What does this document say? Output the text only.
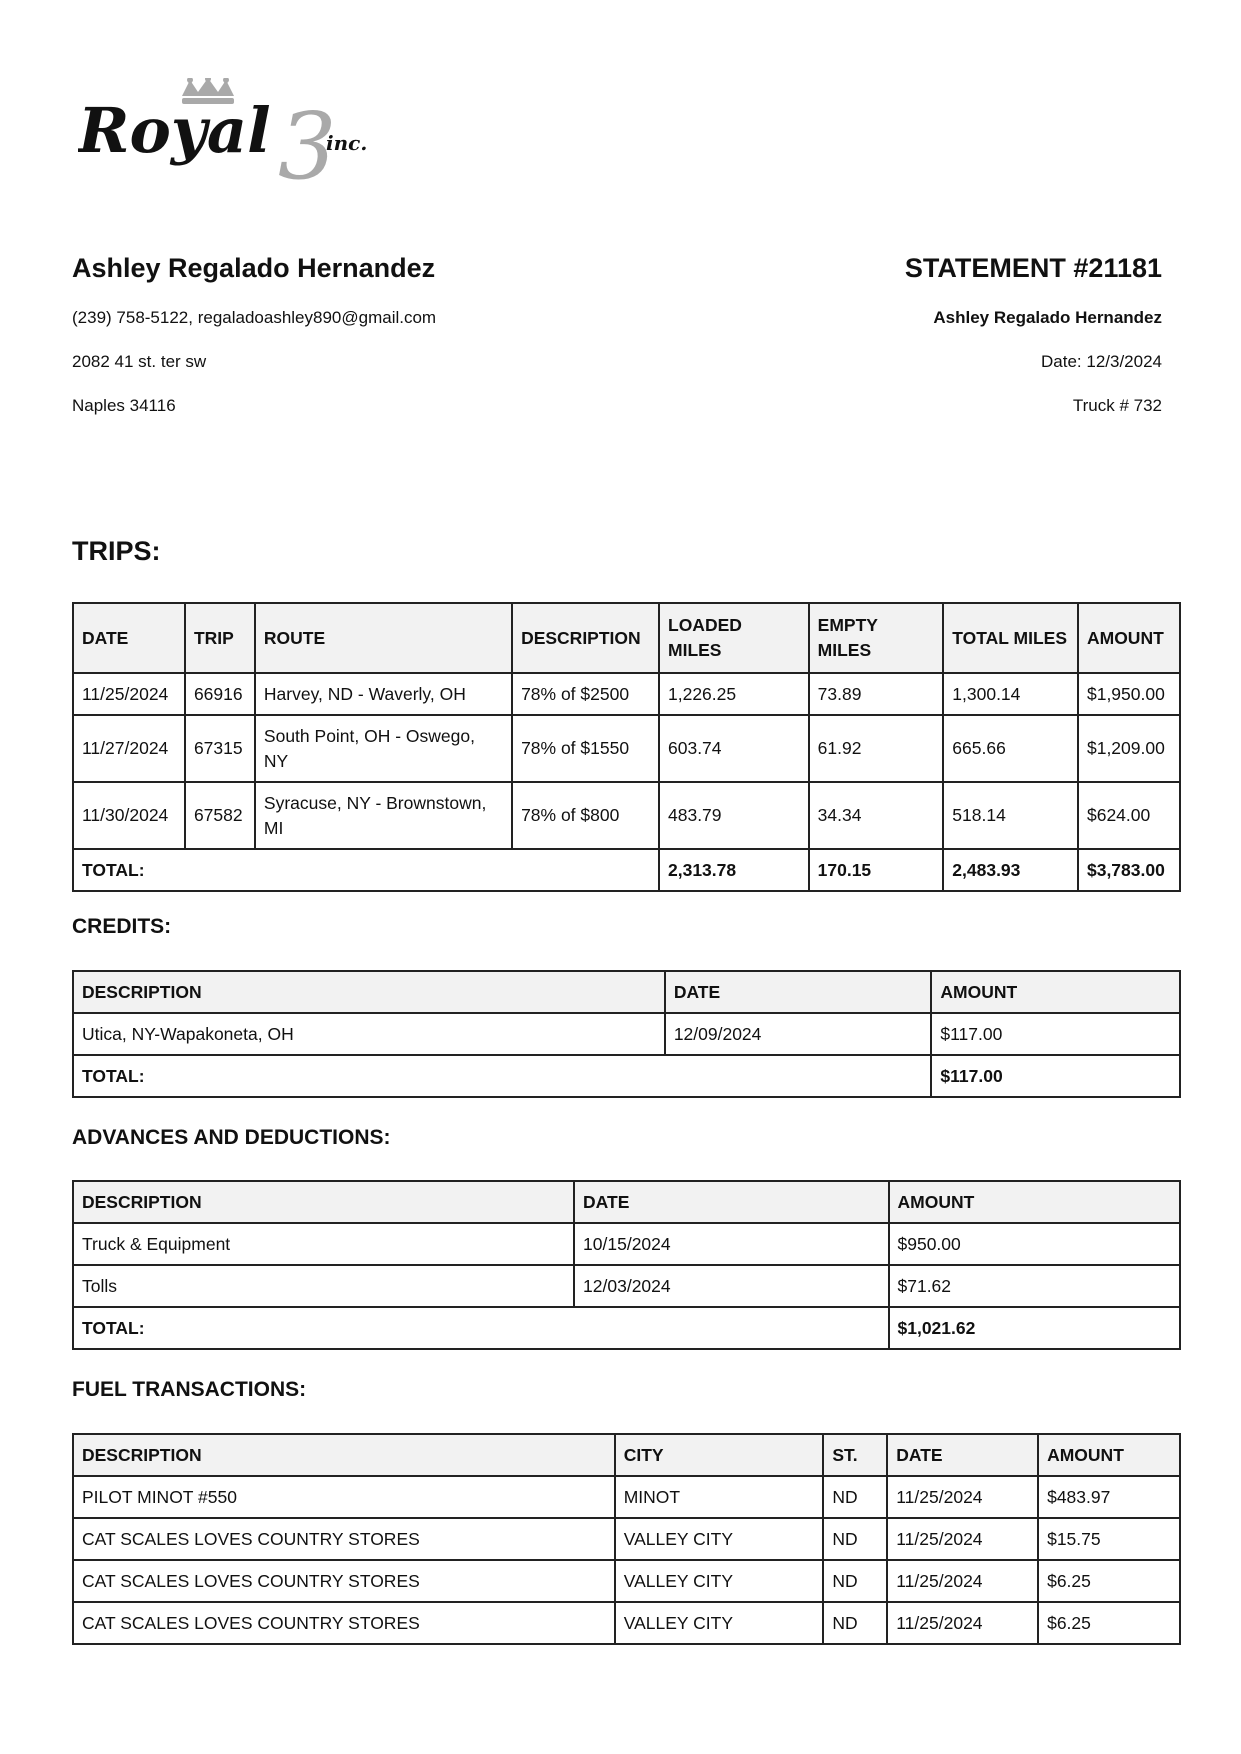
3
Royal	inc.
Ashley Regalado Hernandez
(239) 758-5122, regaladoashley890@gmail.com
2082 41 st. ter sw
Naples 34116
STATEMENT #21181
Ashley Regalado Hernandez
Date: 12/3/2024
Truck # 732
TRIPS:
DATE	TRIP	ROUTE	DESCRIPTION	LOADED MILES	EMPTY MILES	TOTAL MILES	AMOUNT
11/25/2024	66916	Harvey, ND - Waverly, OH	78% of $2500	1,226.25	73.89	1,300.14	$1,950.00
11/27/2024	67315	South Point, OH - Oswego, NY	78% of $1550	603.74	61.92	665.66	$1,209.00
11/30/2024	67582	Syracuse, NY - Brownstown, MI	78% of $800	483.79	34.34	518.14	$624.00
TOTAL:				2,313.78	170.15	2,483.93	$3,783.00
CREDITS:
DESCRIPTION	DATE	AMOUNT
Utica, NY-Wapakoneta, OH	12/09/2024	$117.00
TOTAL:		$117.00
ADVANCES AND DEDUCTIONS:
DESCRIPTION	DATE	AMOUNT
Truck & Equipment	10/15/2024	$950.00
Tolls	12/03/2024	$71.62
TOTAL:		$1,021.62
FUEL TRANSACTIONS:
DESCRIPTION	CITY	ST.	DATE	AMOUNT
PILOT MINOT #550	MINOT	ND	11/25/2024	$483.97
CAT SCALES LOVES COUNTRY STORES	VALLEY CITY	ND	11/25/2024	$15.75
CAT SCALES LOVES COUNTRY STORES	VALLEY CITY	ND	11/25/2024	$6.25
CAT SCALES LOVES COUNTRY STORES	VALLEY CITY	ND	11/25/2024	$6.25
